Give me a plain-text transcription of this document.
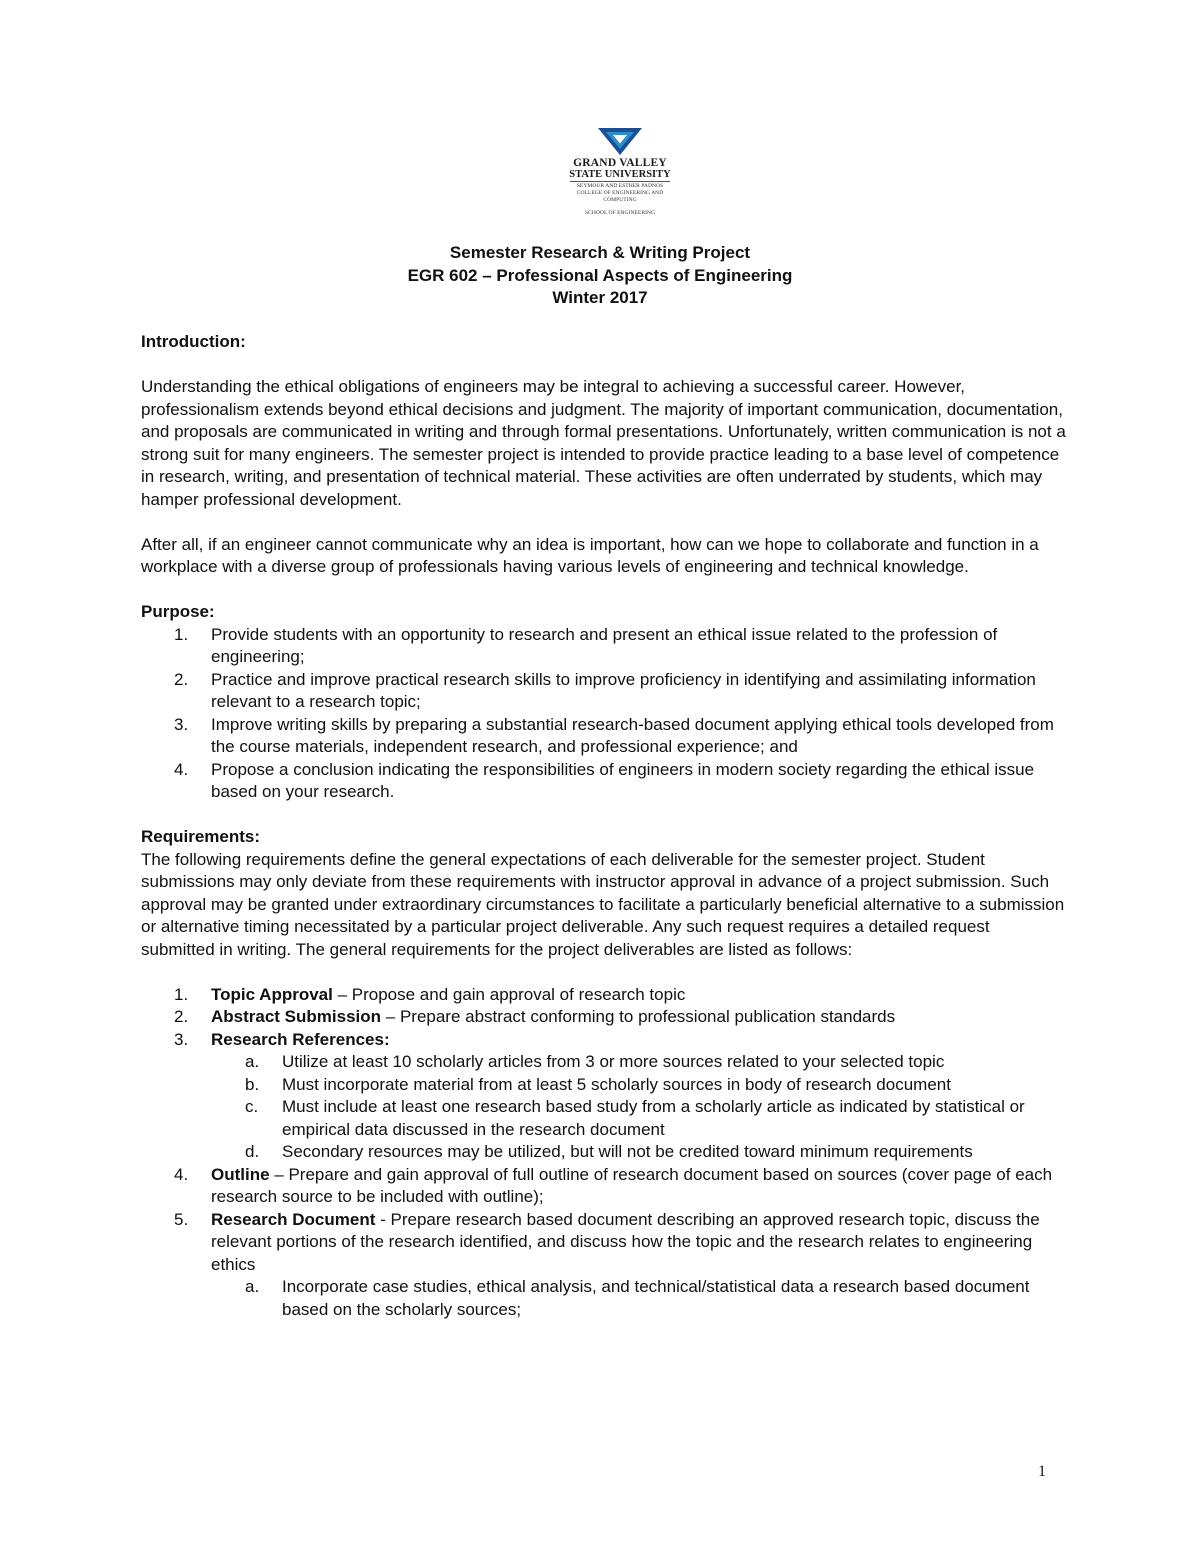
GRAND VALLEY
STATE UNIVERSITY
SEYMOUR AND ESTHER PADNOS COLLEGE OF ENGINEERING AND COMPUTING
SCHOOL OF ENGINEERING
Semester Research & Writing Project
EGR 602 – Professional Aspects of Engineering
Winter 2017
Introduction:

Understanding the ethical obligations of engineers may be integral to achieving a successful career. However, professionalism extends beyond ethical decisions and judgment. The majority of important communication, documentation, and proposals are communicated in writing and through formal presentations. Unfortunately, written communication is not a strong suit for many engineers. The semester project is intended to provide practice leading to a base level of competence in research, writing, and presentation of technical material. These activities are often underrated by students, which may hamper professional development.

After all, if an engineer cannot communicate why an idea is important, how can we hope to collaborate and function in a workplace with a diverse group of professionals having various levels of engineering and technical knowledge.

Purpose:
1. Provide students with an opportunity to research and present an ethical issue related to the profession of engineering;
2. Practice and improve practical research skills to improve proficiency in identifying and assimilating information relevant to a research topic;
3. Improve writing skills by preparing a substantial research-based document applying ethical tools developed from the course materials, independent research, and professional experience; and
4. Propose a conclusion indicating the responsibilities of engineers in modern society regarding the ethical issue based on your research.
Requirements:

The following requirements define the general expectations of each deliverable for the semester project. Student submissions may only deviate from these requirements with instructor approval in advance of a project submission. Such approval may be granted under extraordinary circumstances to facilitate a particularly beneficial alternative to a submission or alternative timing necessitated by a particular project deliverable. Any such request requires a detailed request submitted in writing. The general requirements for the project deliverables are listed as follows:

1. Topic Approval – Propose and gain approval of research topic
2. Abstract Submission – Prepare abstract conforming to professional publication standards
3. Research References:
a. Utilize at least 10 scholarly articles from 3 or more sources related to your selected topic
b. Must incorporate material from at least 5 scholarly sources in body of research document
c. Must include at least one research based study from a scholarly article as indicated by statistical or empirical data discussed in the research document
d. Secondary resources may be utilized, but will not be credited toward minimum requirements
4. Outline – Prepare and gain approval of full outline of research document based on sources (cover page of each research source to be included with outline);
5. Research Document - Prepare research based document describing an approved research topic, discuss the relevant portions of the research identified, and discuss how the topic and the research relates to engineering ethics
a. Incorporate case studies, ethical analysis, and technical/statistical data a research based document based on the scholarly sources;
1
